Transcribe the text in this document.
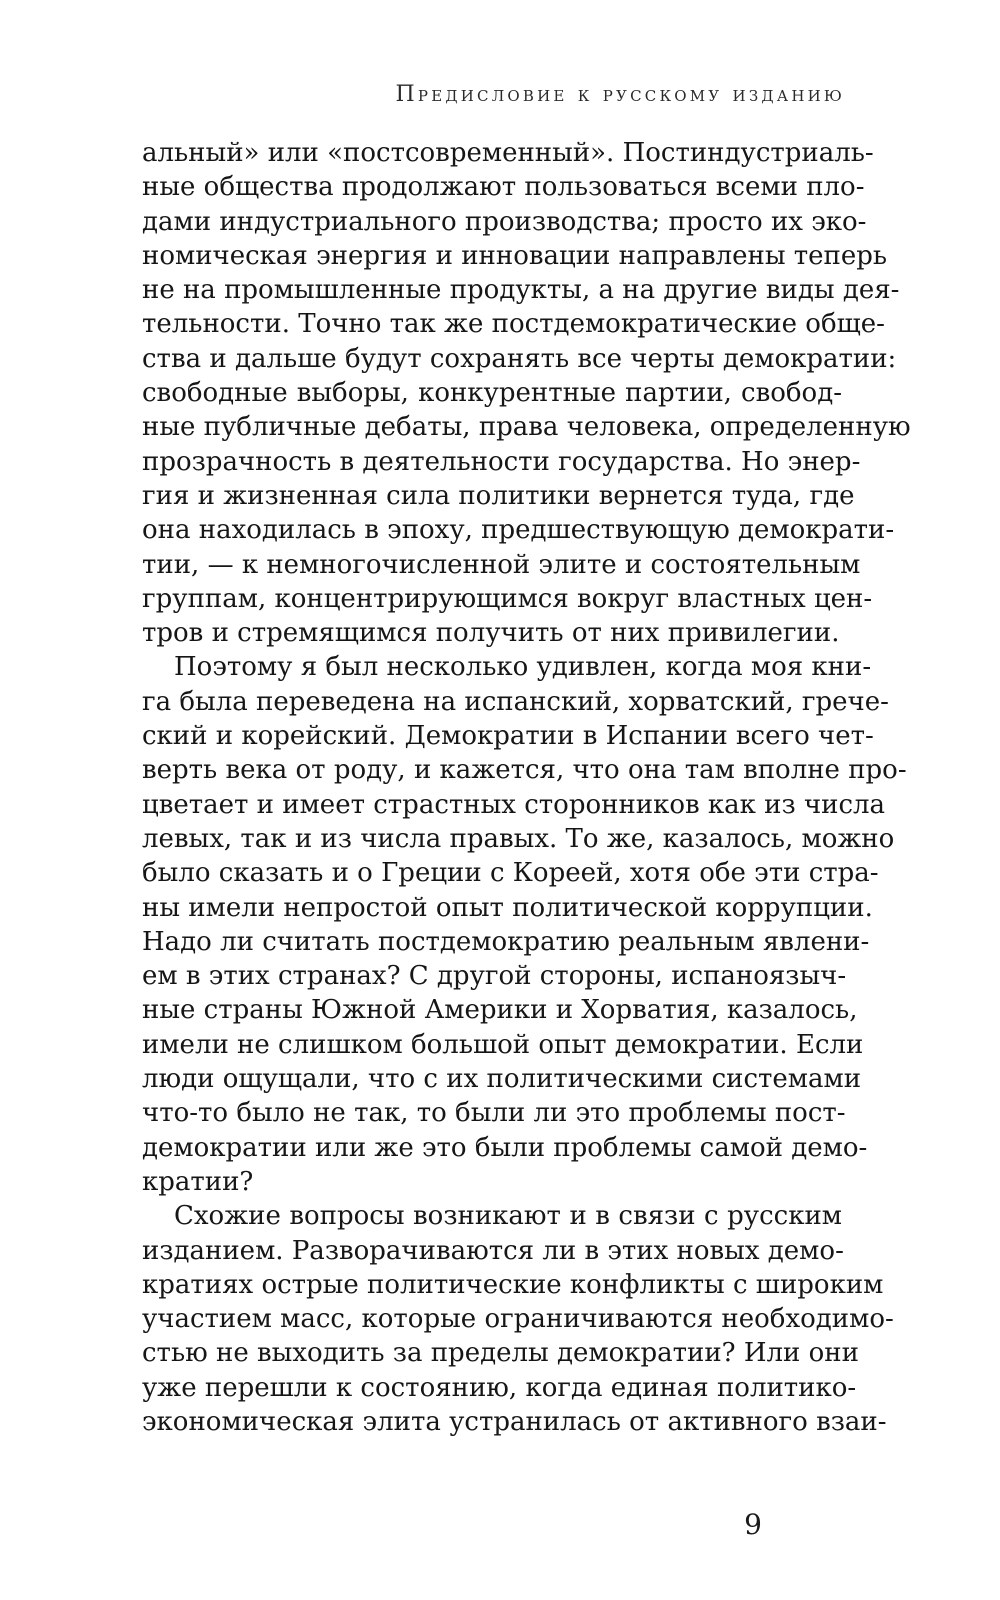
Предисловие к русскому изданию
альный» или «постсовременный». Постиндустриаль-
ные общества продолжают пользоваться всеми пло-
дами индустриального производства; просто их эко-
номическая энергия и инновации направлены теперь
не на промышленные продукты, а на другие виды дея-
тельности. Точно так же постдемократические обще-
ства и дальше будут сохранять все черты демократии:
свободные выборы, конкурентные партии, свобод-
ные публичные дебаты, права человека, определенную
прозрачность в деятельности государства. Но энер-
гия и жизненная сила политики вернется туда, где
она находилась в эпоху, предшествующую демократи-
тии, — к немногочисленной элите и состоятельным
группам, концентрирующимся вокруг властных цен-
тров и стремящимся получить от них привилегии.
Поэтому я был несколько удивлен, когда моя кни-
га была переведена на испанский, хорватский, грече-
ский и корейский. Демократии в Испании всего чет-
верть века от роду, и кажется, что она там вполне про-
цветает и имеет страстных сторонников как из числа
левых, так и из числа правых. То же, казалось, можно
было сказать и о Греции с Кореей, хотя обе эти стра-
ны имели непростой опыт политической коррупции.
Надо ли считать постдемократию реальным явлени-
ем в этих странах? С другой стороны, испаноязыч-
ные страны Южной Америки и Хорватия, казалось,
имели не слишком большой опыт демократии. Если
люди ощущали, что с их политическими системами
что-то было не так, то были ли это проблемы пост-
демократии или же это были проблемы самой демо-
кратии?
Схожие вопросы возникают и в связи с русским
изданием. Разворачиваются ли в этих новых демо-
кратиях острые политические конфликты с широким
участием масс, которые ограничиваются необходимо-
стью не выходить за пределы демократии? Или они
уже перешли к состоянию, когда единая политико-
экономическая элита устранилась от активного взаи-
9
